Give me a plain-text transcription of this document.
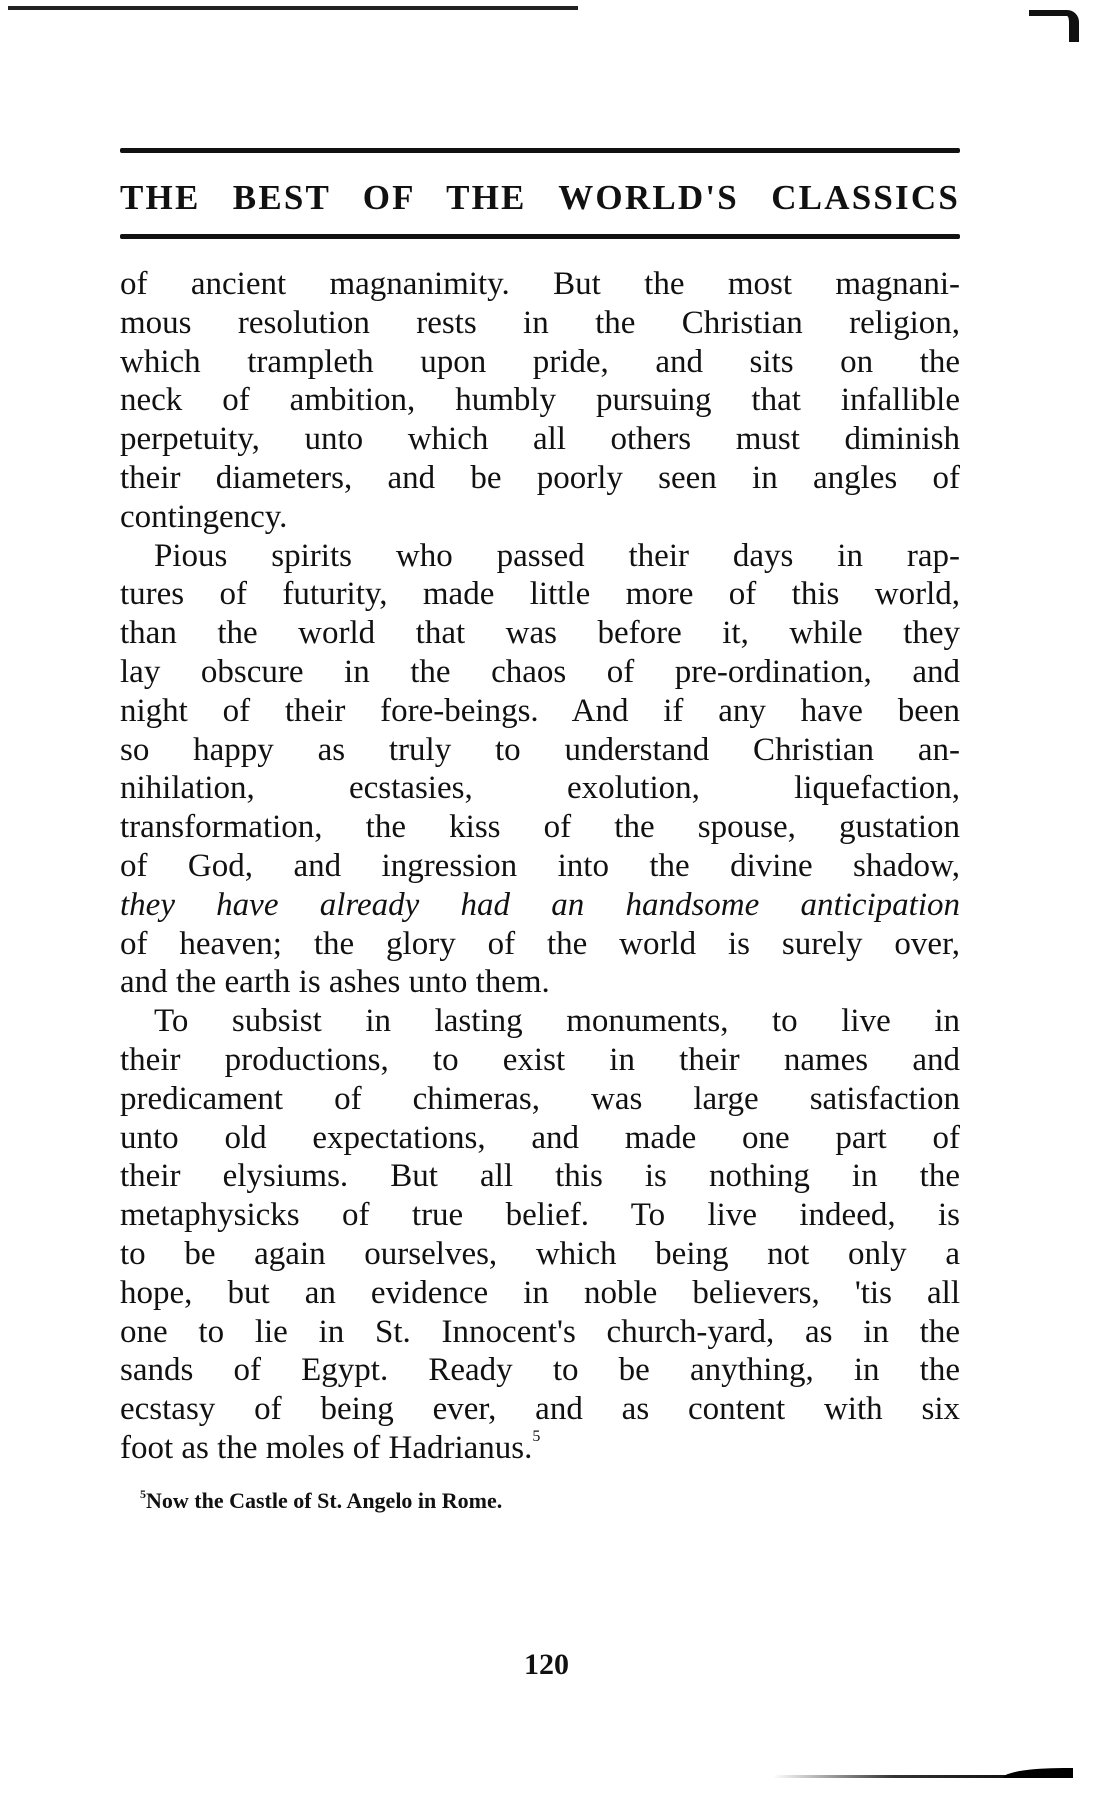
THE BEST OF THE WORLD'S CLASSICS
of ancient magnanimity. But the most magnani-
mous resolution rests in the Christian religion,
which trampleth upon pride, and sits on the
neck of ambition, humbly pursuing that infallible
perpetuity, unto which all others must diminish
their diameters, and be poorly seen in angles of
contingency.
Pious spirits who passed their days in rap-
tures of futurity, made little more of this world,
than the world that was before it, while they
lay obscure in the chaos of pre-ordination, and
night of their fore-beings. And if any have been
so happy as truly to understand Christian an-
nihilation, ecstasies, exolution, liquefaction,
transformation, the kiss of the spouse, gustation
of God, and ingression into the divine shadow,
they have already had an handsome anticipation
of heaven; the glory of the world is surely over,
and the earth is ashes unto them.
To subsist in lasting monuments, to live in
their productions, to exist in their names and
predicament of chimeras, was large satisfaction
unto old expectations, and made one part of
their elysiums. But all this is nothing in the
metaphysicks of true belief. To live indeed, is
to be again ourselves, which being not only a
hope, but an evidence in noble believers, 'tis all
one to lie in St. Innocent's church-yard, as in the
sands of Egypt. Ready to be anything, in the
ecstasy of being ever, and as content with six
foot as the moles of Hadrianus.$^5$
$^5$Now the Castle of St. Angelo in Rome.
120
